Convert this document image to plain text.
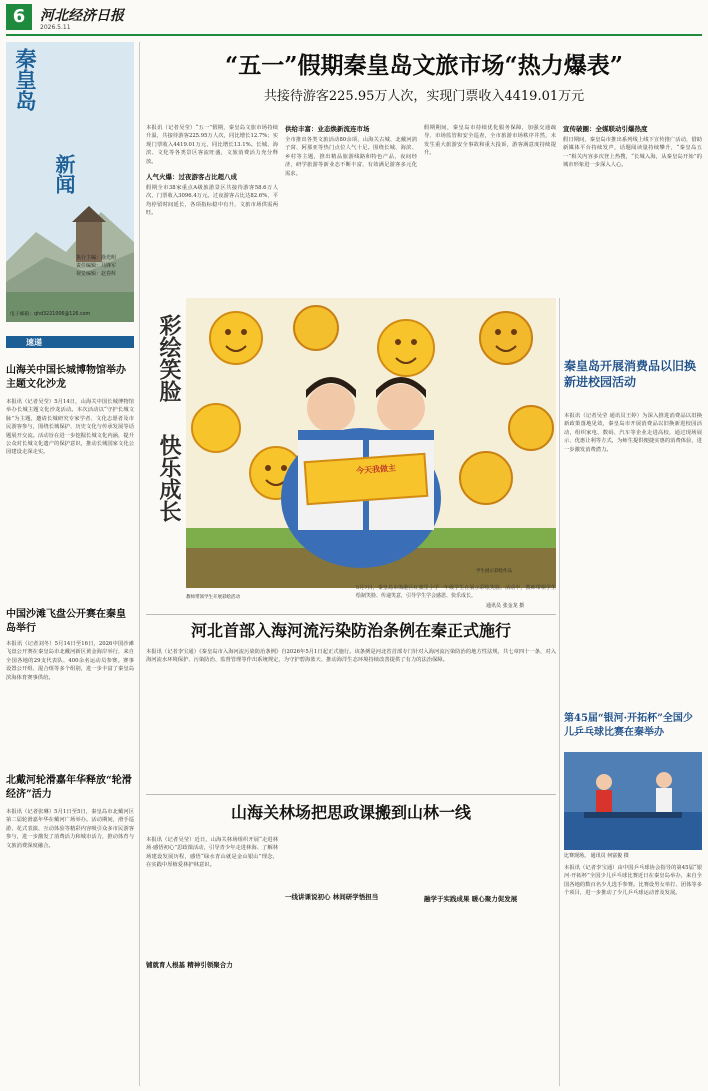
6	河北经济日报
2026.5.11
秦皇岛
新闻
执行主编：徐光明
责任编辑：马锋军
视觉编辑：赵春辉
电子邮箱：qhd3221006@126.com
速递
山海关中国长城博物馆举办主题文化沙龙
本报讯（记者吴莹）5月14日，山海关中国长城博物馆举办长城主题文化沙龙活动。本次活动以“守护长城文脉”为主题，邀请长城研究专家学者、文化志愿者及市民游客参与，围绕长城保护、历史文化与传承发展等话题展开交流。活动旨在进一步挖掘长城文化内涵，提升公众对长城文化遗产的保护意识，推动长城国家文化公园建设走深走实。
中国沙滩飞盘公开赛在秦皇岛举行
本报讯（记者刘冬）5月14日至16日，2026中国沙滩飞盘公开赛在秦皇岛市北戴河新区黄金海岸举行，来自全国各地的29支代表队、400余名运动员参赛。赛事设置公开组、混合组等多个组别，进一步丰富了秦皇岛滨海体育赛事供给。
北戴河轮滑嘉年华释放“轮滑经济”活力
本报讯（记者张琳）5月1日至5日，秦皇岛市北戴河区第二届轮滑嘉年华在戴河广场举办。活动期间，滑手巡游、花式表演、互动体验等精彩内容吸引众多市民游客参与，进一步激发了消费活力和城市活力，推动体育与文旅消费深度融合。
“五一”假期秦皇岛文旅市场“热力爆表”
共接待游客225.95万人次，实现门票收入4419.01万元
本报讯（记者吴莹）“五一”假期，秦皇岛文旅市场持续升温，共接待游客225.95万人次，同比增长12.7%；实现门票收入4419.01万元，同比增长13.1%。长城、海滨、文化等各类景区客流旺盛，文旅消费活力充分释放。
人气火爆：过夜游客占比超八成
假期全市38家重点A级旅游景区共接待游客58.6万人次，门票收入3096.4万元。过夜游客占比达82.6%，平均停留时间延长，各项指标稳中有升，文旅市场供需两旺。
供给丰富：业态焕新流连市场
全市推出各类文旅活动80余项，山海关古城、北戴河鸽子窝、阿那亚等热门点位人气十足。围绕长城、海滨、乡村等主题，推出精品旅游线路和特色产品，夜间经济、研学旅游等新业态不断丰富，有效满足游客多元化需求。
假期期间，秦皇岛市持续优化服务保障，加强交通疏导、市场监管和安全巡查，全市旅游市场秩序井然，未发生重大旅游安全事故和重大投诉，游客满意度持续提升。
宣传破圈：全媒联动引爆热度
假日期间，秦皇岛市推出系列线上线下宣传推广活动，借助新媒体平台持续发声，话题阅读量持续攀升，“秦皇岛五一”相关内容多次登上热搜，“长城入海，从秦皇岛开始”的城市形象进一步深入人心。
今天我做主
彩绘笑脸
快乐成长
学生展示彩绘作品
教师带领学生开展彩绘活动
5月7日，秦皇岛市海港区红旗里小学一年级学生在展示彩绘笑脸。活动中，教师带领学生绘制笑脸、传递笑意，引导学生学会感恩、快乐成长。
通讯员 张金龙 摄
河北首部入海河流污染防治条例在秦正式施行
本报讯（记者李宝通）《秦皇岛市入海河流污染防治条例》自2026年5月1日起正式施行。该条例是河北省首部专门针对入海河流污染防治的地方性法规，共七章四十一条，对入海河流水环境保护、污染防治、监督管理等作出系统规定，为守护碧海蓝天、推动海洋生态环境持续改善提供了有力的法治保障。
山海关林场把思政课搬到山林一线
本报讯（记者吴莹）近日，山海关林场组织开展“走进林场·感悟初心”思政课活动，引导青少年走进林海、了解林场建设发展历程，感悟“绿水青山就是金山银山”理念，在实践中厚植爱林护林意识。
铺就育人根基 精神引领聚合力
一线讲课说初心 林间研学悟担当	融学于实践成果 暖心聚力促发展
秦皇岛开展消费品以旧换新进校园活动
本报讯（记者吴莹 通讯员王婷）为深入推进消费品以旧换新政策落地见效，秦皇岛市开展消费品以旧换新进校园活动，组织家电、数码、汽车等企业走进高校，通过现场展示、优惠让利等方式，为师生提供便捷实惠的消费体验，进一步激发消费潜力。
第45届“银河·开拓杯”全国少儿乒乓球比赛在秦举办
比赛现场。 通讯员 何富俊 摄
本报讯（记者李宝通）由中国乒乓球协会指导的第45届“银河·开拓杯”全国少儿乒乓球比赛近日在秦皇岛举办，来自全国各地的数百名少儿选手参赛。比赛设男女单打、团体等多个项目，进一步推动了少儿乒乓球运动普及发展。
